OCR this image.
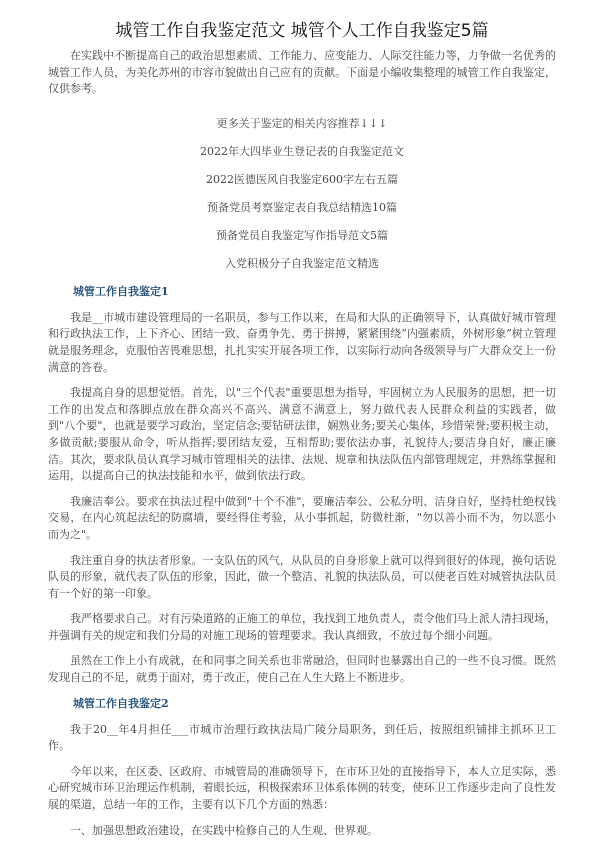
城管工作自我鉴定范文 城管个人工作自我鉴定5篇

在实践中不断提高自己的政治思想素质、工作能力、应变能力、人际交往能力等，力争做一名优秀的城管工作人员，为美化苏州的市容市貌做出自己应有的贡献。下面是小编收集整理的城管工作自我鉴定，仅供参考。

更多关于鉴定的相关内容推荐↓↓↓
2022年大四毕业生登记表的自我鉴定范文
2022医德医风自我鉴定600字左右五篇
预备党员考察鉴定表自我总结精选10篇
预备党员自我鉴定写作指导范文5篇
入党积极分子自我鉴定范文精选
城管工作自我鉴定1

我是__市城市建设管理局的一名职员，参与工作以来，在局和大队的正确领导下，认真做好城市管理和行政执法工作，上下齐心、团结一致、奋勇争先、勇于拼搏，紧紧围绕“内强素质，外树形象”树立管理就是服务理念，克服怕苦畏难思想，扎扎实实开展各项工作，以实际行动向各级领导与广大群众交上一份满意的答卷。

我提高自身的思想觉悟。首先，以"三个代表"重要思想为指导，牢固树立为人民服务的思想，把一切工作的出发点和落脚点放在群众高兴不高兴、满意不满意上，努力做代表人民群众利益的实践者，做到"八个要"，也就是要学习政治，坚定信念;要钻研法律，娴熟业务;要关心集体，珍惜荣誉;要积极主动，多做贡献;要服从命令，听从指挥;要团结友爱，互相帮助;要依法办事，礼貌待人;要洁身自好，廉正廉洁。其次，要求队员认真学习城市管理相关的法律、法规、规章和执法队伍内部管理规定，并熟练掌握和运用，以提高自己的执法技能和水平，做到依法行政。

我廉洁奉公。要求在执法过程中做到"十个不准"，要廉洁奉公、公私分明、洁身自好，坚持杜绝权钱交易，在内心筑起法纪的防腐墙，要经得住考验，从小事抓起，防微杜渐，"勿以善小而不为，勿以恶小而为之"。

我注重自身的执法者形象。一支队伍的风气，从队员的自身形象上就可以得到很好的体现，换句话说队员的形象，就代表了队伍的形象，因此，做一个整洁、礼貌的执法队员，可以使老百姓对城管执法队员有一个好的第一印象。

我严格要求自己。对有污染道路的正施工的单位，我找到工地负责人，责令他们马上派人清扫现场，并强调有关的规定和我们分局的对施工现场的管理要求。我认真细致，不放过每个细小问题。

虽然在工作上小有成就，在和同事之间关系也非常融洽，但同时也暴露出自己的一些不良习惯。既然发现自己的不足，就勇于面对，勇于改正，使自己在人生大路上不断进步。

城管工作自我鉴定2

我于20__年4月担任___市城市治理行政执法局广陵分局职务，到任后，按照组织铺排主抓环卫工作。

今年以来，在区委、区政府、市城管局的准确领导下，在市环卫处的直接指导下，本人立足实际，悉心研究城市环卫治理运作机制，着眼长远，积极探索环卫体系体例的转变，使环卫工作逐步走向了良性发展的渠道，总结一年的工作，主要有以下几个方面的熟悉：

一、加强思想政治建设，在实践中检修自己的人生观、世界观。
